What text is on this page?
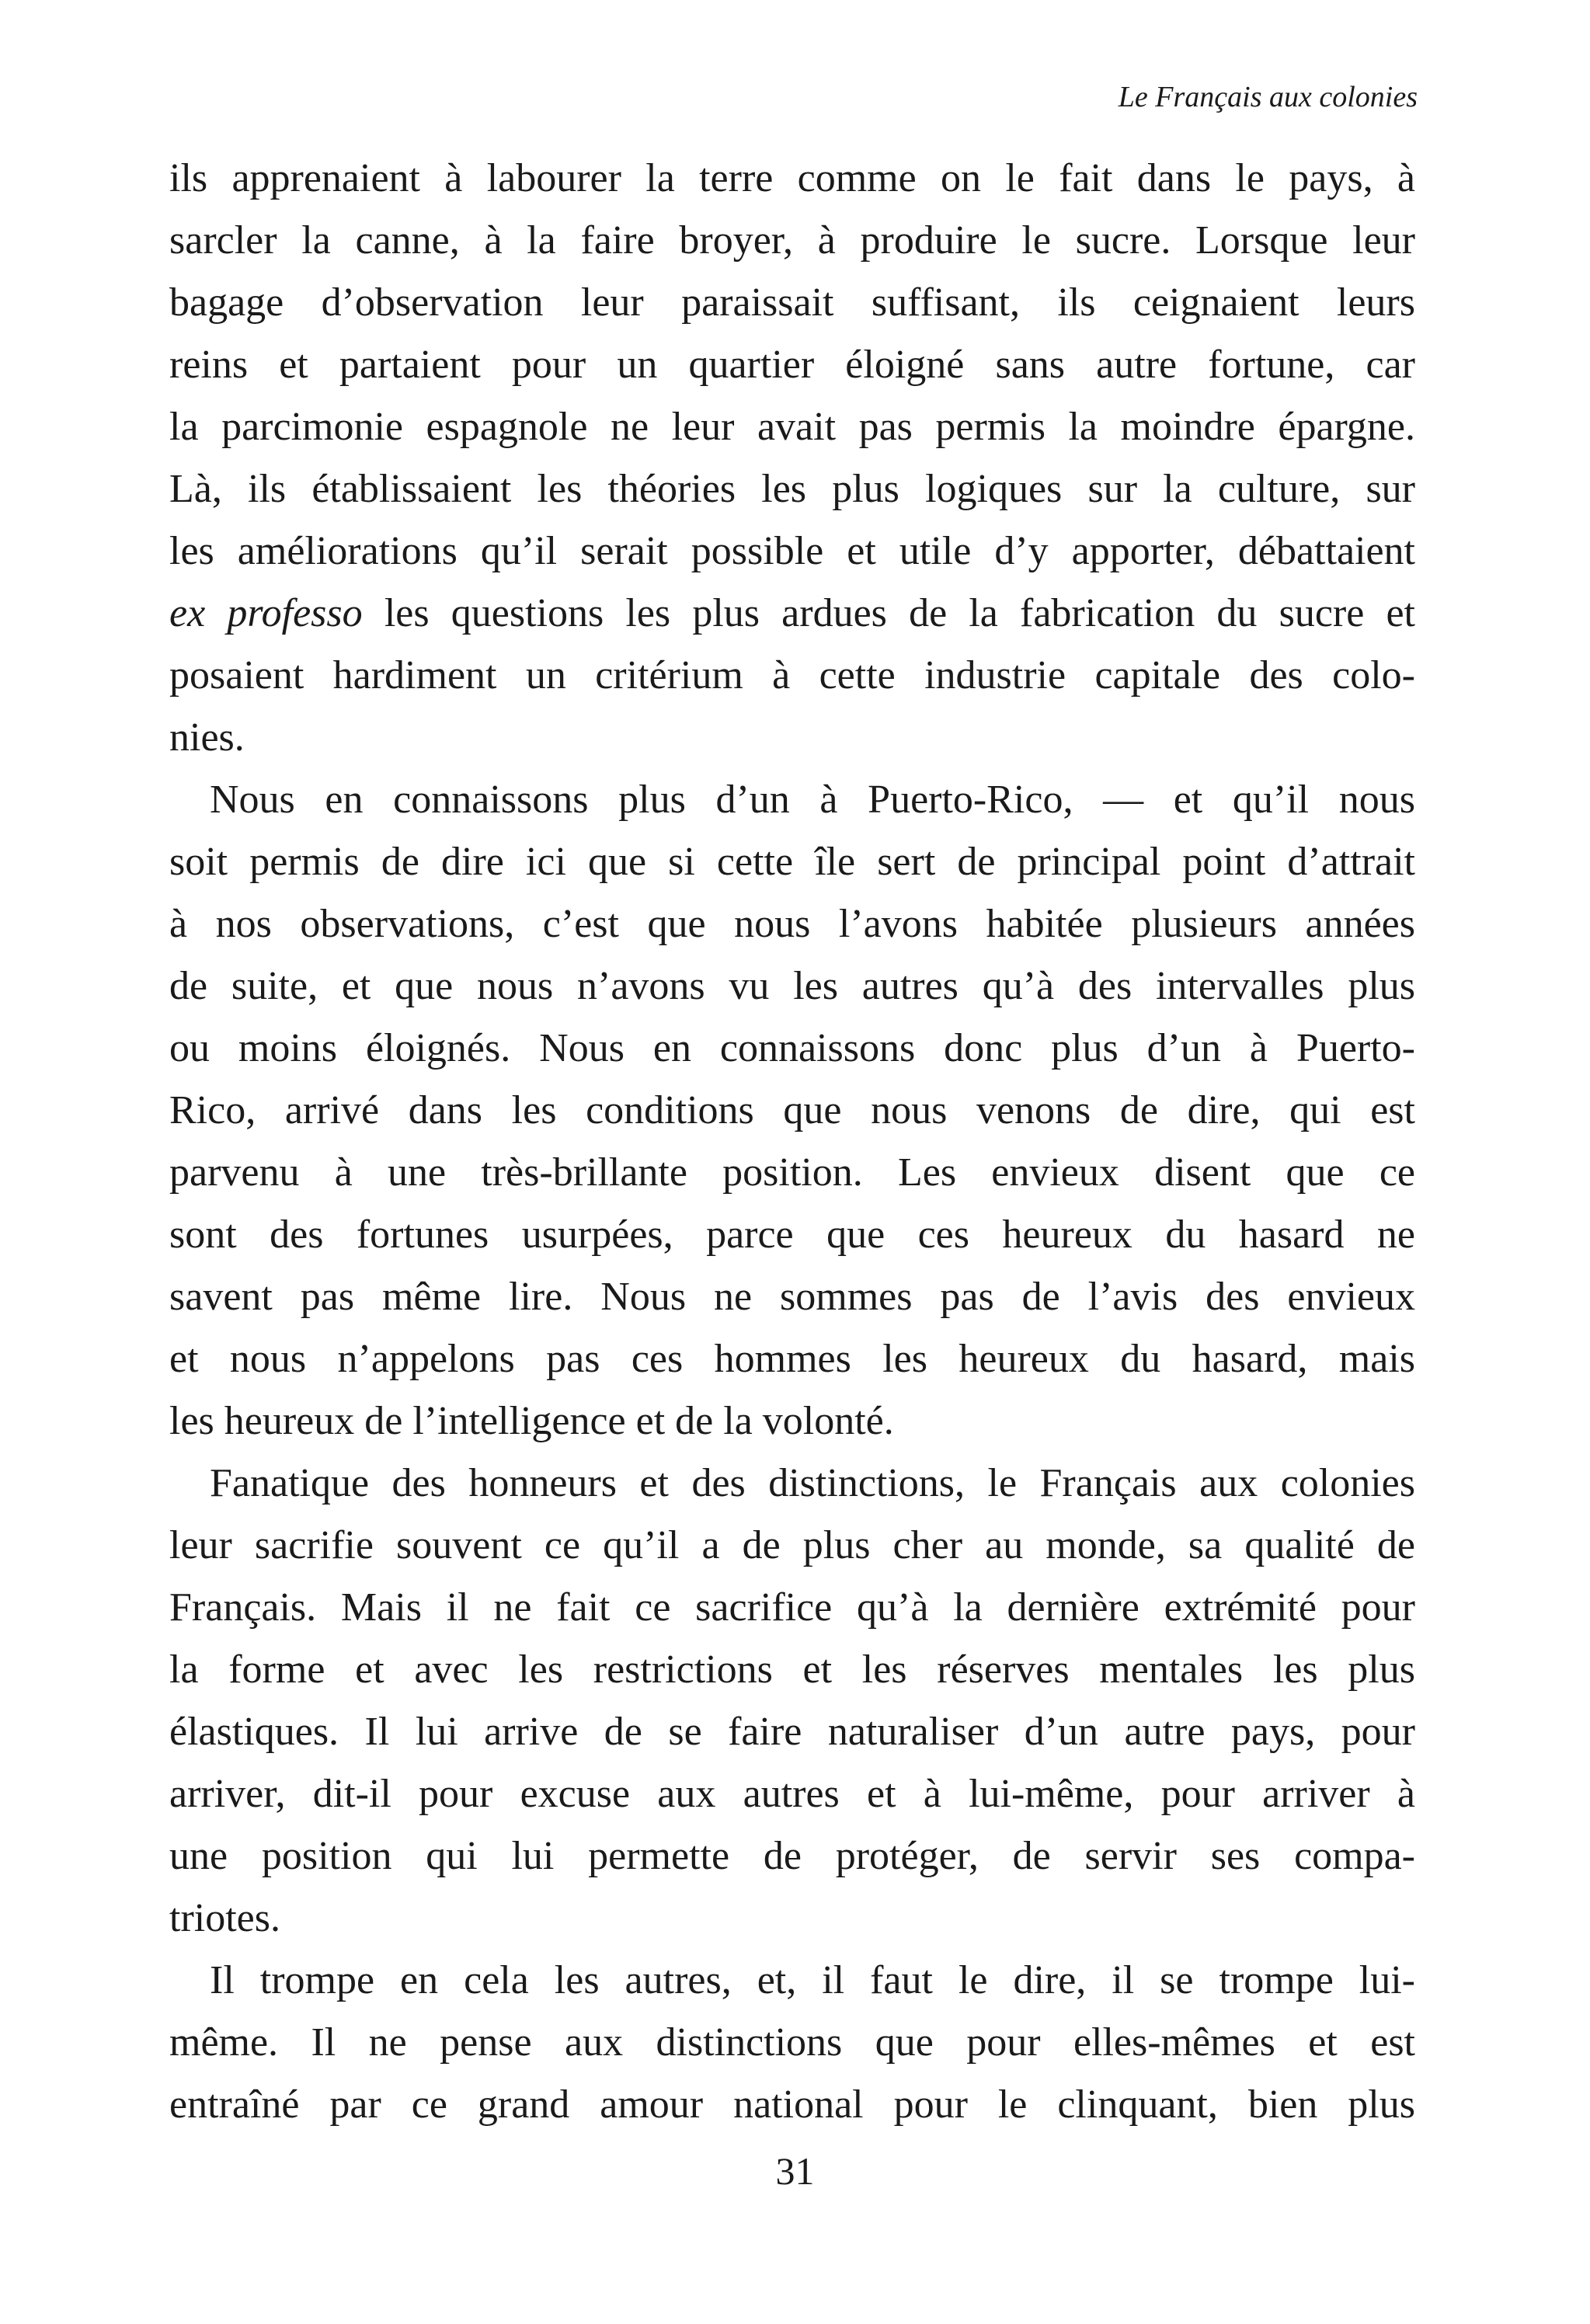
Le Français aux colonies
ils apprenaient à labourer la terre comme on le fait dans le pays, à
sarcler la canne, à la faire broyer, à produire le sucre. Lorsque leur
bagage d’observation leur paraissait suffisant, ils ceignaient leurs
reins et partaient pour un quartier éloigné sans autre fortune, car
la parcimonie espagnole ne leur avait pas permis la moindre épargne.
Là, ils établissaient les théories les plus logiques sur la culture, sur
les améliorations qu’il serait possible et utile d’y apporter, débattaient
ex professo les questions les plus ardues de la fabrication du sucre et
posaient hardiment un critérium à cette industrie capitale des colo-
nies.
Nous en connaissons plus d’un à Puerto-Rico, — et qu’il nous
soit permis de dire ici que si cette île sert de principal point d’attrait
à nos observations, c’est que nous l’avons habitée plusieurs années
de suite, et que nous n’avons vu les autres qu’à des intervalles plus
ou moins éloignés. Nous en connaissons donc plus d’un à Puerto-
Rico, arrivé dans les conditions que nous venons de dire, qui est
parvenu à une très-brillante position. Les envieux disent que ce
sont des fortunes usurpées, parce que ces heureux du hasard ne
savent pas même lire. Nous ne sommes pas de l’avis des envieux
et nous n’appelons pas ces hommes les heureux du hasard, mais
les heureux de l’intelligence et de la volonté.
Fanatique des honneurs et des distinctions, le Français aux colonies
leur sacrifie souvent ce qu’il a de plus cher au monde, sa qualité de
Français. Mais il ne fait ce sacrifice qu’à la dernière extrémité pour
la forme et avec les restrictions et les réserves mentales les plus
élastiques. Il lui arrive de se faire naturaliser d’un autre pays, pour
arriver, dit-il pour excuse aux autres et à lui-même, pour arriver à
une position qui lui permette de protéger, de servir ses compa-
triotes.
Il trompe en cela les autres, et, il faut le dire, il se trompe lui-
même. Il ne pense aux distinctions que pour elles-mêmes et est
entraîné par ce grand amour national pour le clinquant, bien plus
31
